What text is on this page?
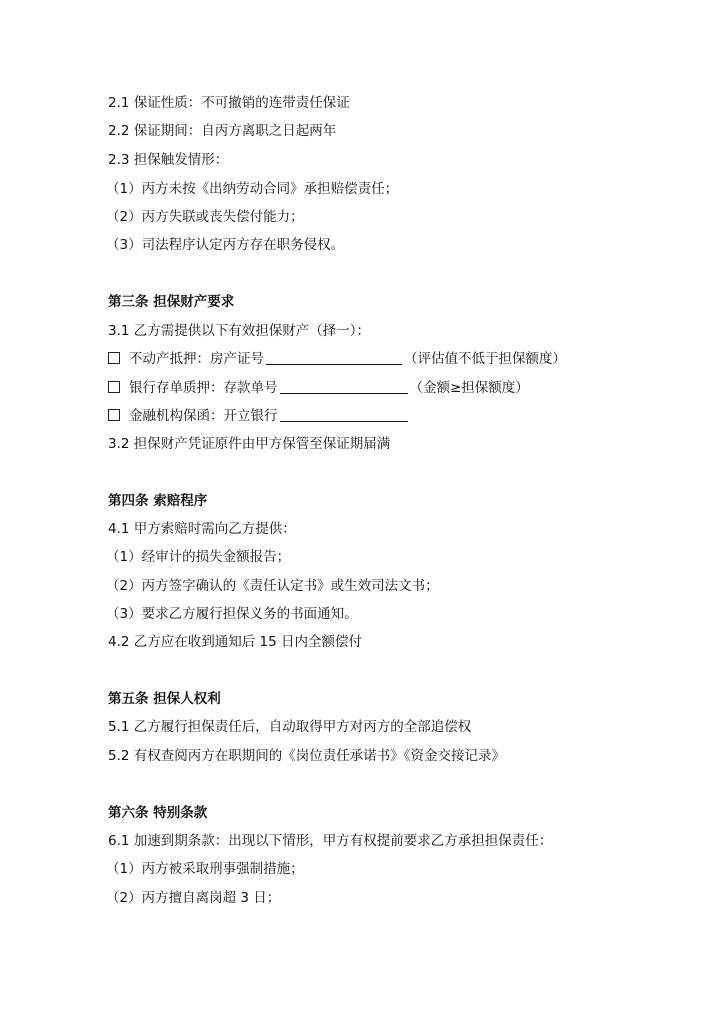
2.1 保证性质：不可撤销的连带责任保证
2.2 保证期间：自丙方离职之日起两年
2.3 担保触发情形：
（1）丙方未按《出纳劳动合同》承担赔偿责任；
（2）丙方失联或丧失偿付能力；
（3）司法程序认定丙方存在职务侵权。
第三条 担保财产要求
3.1 乙方需提供以下有效担保财产（择一）：
不动产抵押：房产证号	（评估值不低于担保额度）
银行存单质押：存款单号	（金额≥担保额度）
金融机构保函：开立银行
3.2 担保财产凭证原件由甲方保管至保证期届满
第四条 索赔程序
4.1 甲方索赔时需向乙方提供：
（1）经审计的损失金额报告；
（2）丙方签字确认的《责任认定书》或生效司法文书；
（3）要求乙方履行担保义务的书面通知。
4.2 乙方应在收到通知后 15 日内全额偿付
第五条 担保人权利
5.1 乙方履行担保责任后，自动取得甲方对丙方的全部追偿权
5.2 有权查阅丙方在职期间的《岗位责任承诺书》《资金交接记录》
第六条 特别条款
6.1 加速到期条款：出现以下情形，甲方有权提前要求乙方承担担保责任：
（1）丙方被采取刑事强制措施；
（2）丙方擅自离岗超 3 日；
